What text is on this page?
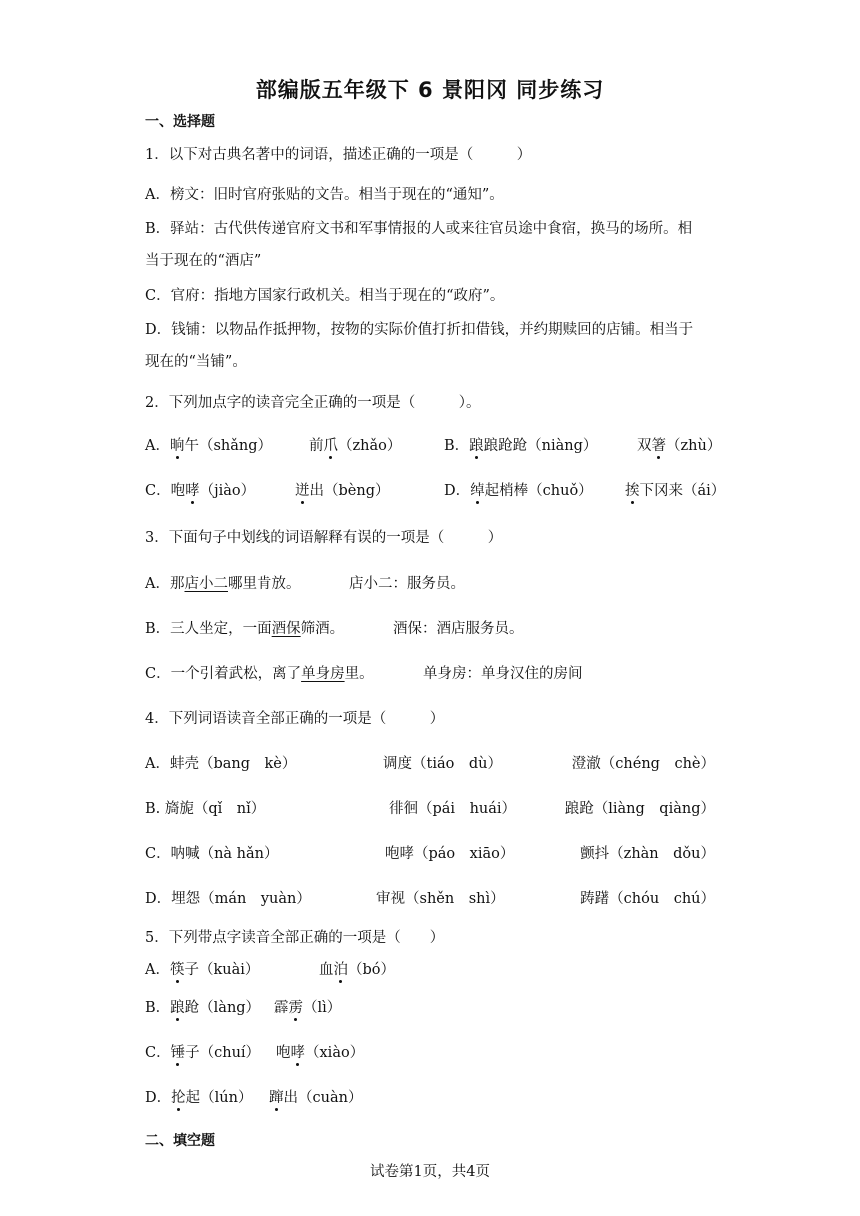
部编版五年级下 6 景阳冈 同步练习
一、选择题
1．以下对古典名著中的词语，描述正确的一项是（　　　）
A．榜文：旧时官府张贴的文告。相当于现在的“通知”。
B．驿站：古代供传递官府文书和军事情报的人或来往官员途中食宿，换马的场所。相
当于现在的“酒店”
C．官府：指地方国家行政机关。相当于现在的“政府”。
D．钱铺：以物品作抵押物，按物的实际价值打折扣借钱，并约期赎回的店铺。相当于
现在的“当铺”。
2．下列加点字的读音完全正确的一项是（　　　）。
A．晌午（shǎng）	前爪（zhǎo）	B．踉踉跄跄（niàng）	双箸（zhù）
C．咆哮（jiào）	迸出（bèng）	D．绰起梢棒（chuǒ） 挨下冈来（ái）
3．下面句子中划线的词语解释有误的一项是（　　　）
A．那店小二哪里肯放。	店小二：服务员。
B．三人坐定，一面酒保筛酒。	酒保：酒店服务员。
C．一个引着武松，离了单身房里。	单身房：单身汉住的房间
4．下列词语读音全部正确的一项是（　　　）
A．蚌壳（bang　kè）	调度（tiáo　dù）	澄澈（chéng　chè）
B. 旖旎（qǐ　nǐ）	徘徊（pái　huái）	踉跄（liàng　qiàng）
C．呐喊（nà hǎn）	咆哮（páo　xiāo）	颤抖（zhàn　dǒu）
D．埋怨（mán　yuàn）	审视（shěn　shì）	踌躇（chóu　chú）
5．下列带点字读音全部正确的一项是（　　）
A．筷子（kuài）	血泊（bó）
B．踉跄（làng） 霹雳（lì）
C．锤子（chuí） 咆哮（xiào）
D．抡起（lún） 蹿出（cuàn）
二、填空题
试卷第1页，共4页
